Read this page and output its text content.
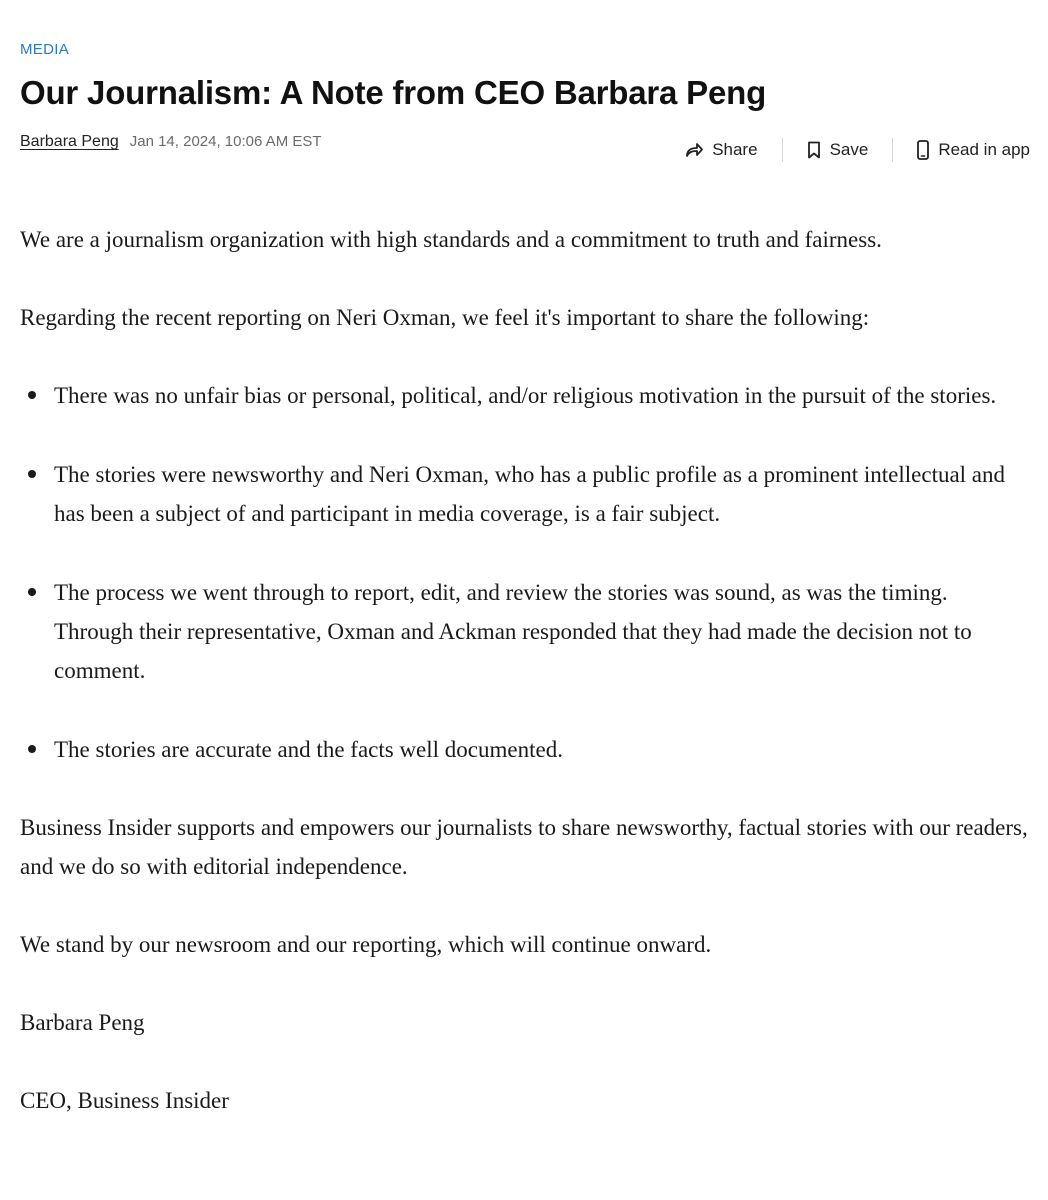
MEDIA
Our Journalism: A Note from CEO Barbara Peng
Barbara Peng Jan 14, 2024, 10:06 AM EST	Share	Save	Read in app

We are a journalism organization with high standards and a commitment to truth and fairness.

Regarding the recent reporting on Neri Oxman, we feel it's important to share the following:

There was no unfair bias or personal, political, and/or religious motivation in the pursuit of the stories.
The stories were newsworthy and Neri Oxman, who has a public profile as a prominent intellectual and has been a subject of and participant in media coverage, is a fair subject.
The process we went through to report, edit, and review the stories was sound, as was the timing. Through their representative, Oxman and Ackman responded that they had made the decision not to comment.
The stories are accurate and the facts well documented.

Business Insider supports and empowers our journalists to share newsworthy, factual stories with our readers, and we do so with editorial independence.

We stand by our newsroom and our reporting, which will continue onward.

Barbara Peng

CEO, Business Insider
